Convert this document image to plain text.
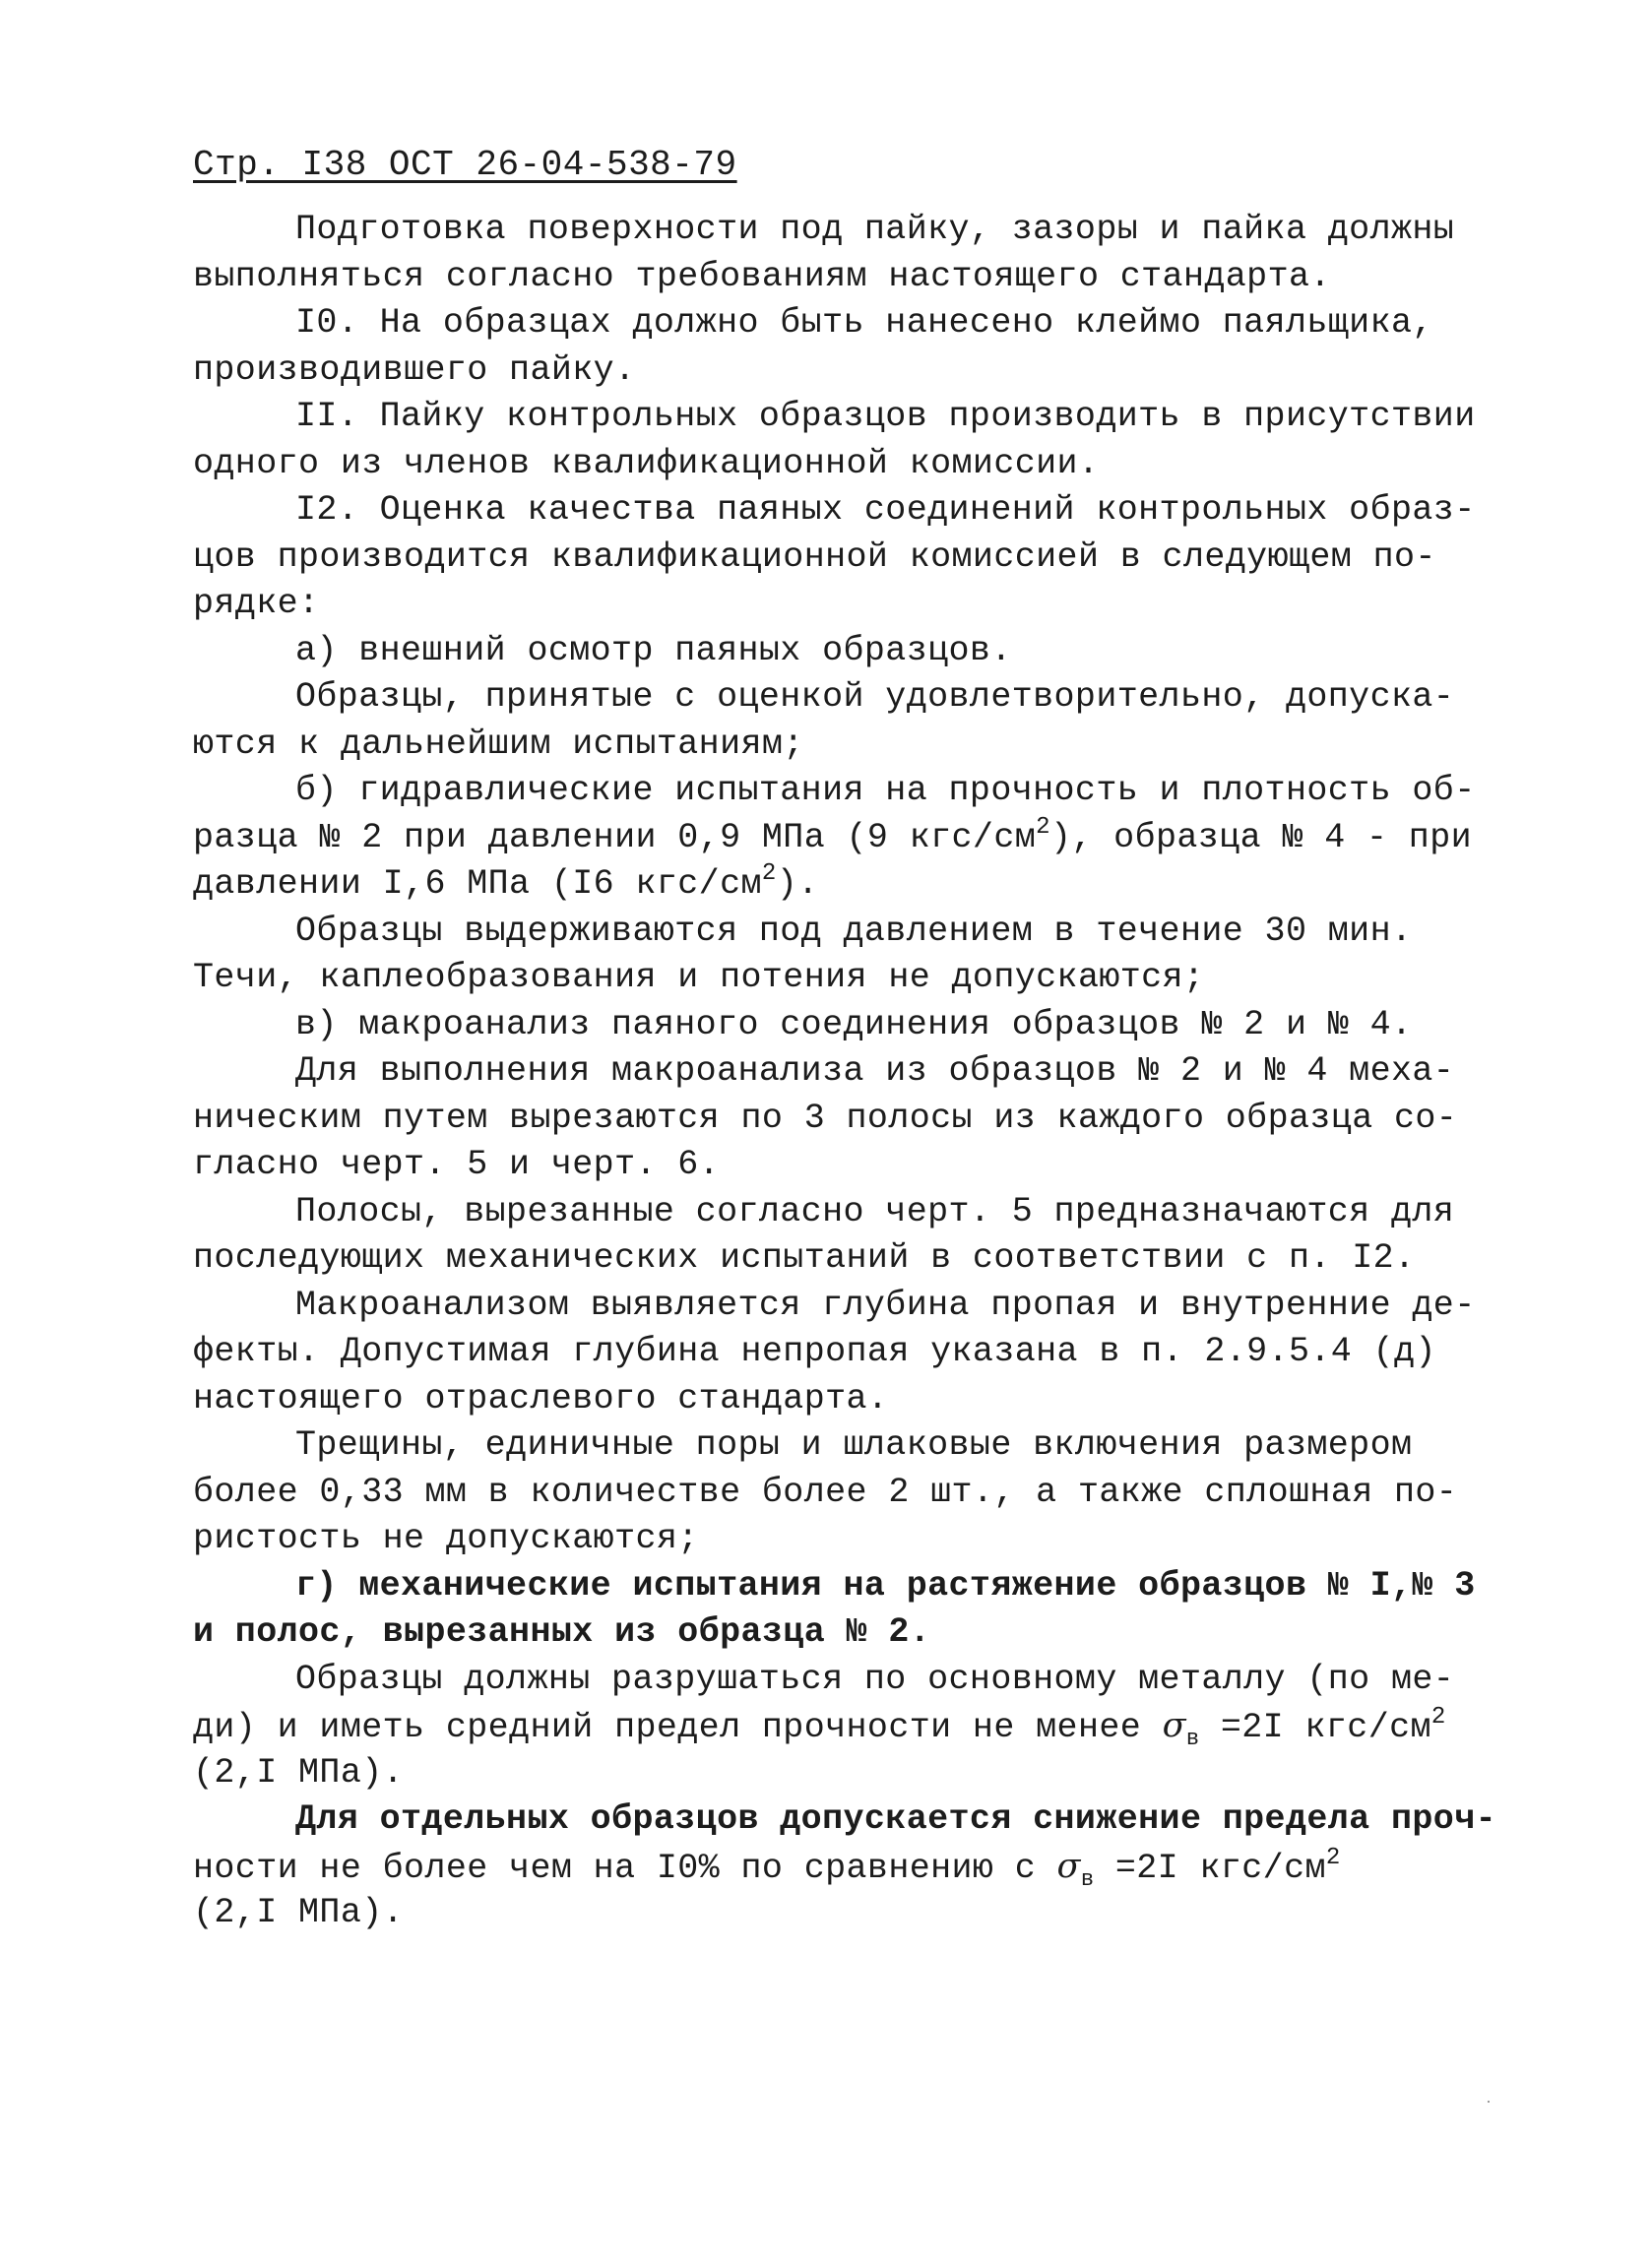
Стр. I38 ОСТ 26-04-538-79
Подготовка поверхности под пайку, зазоры и пайка должны
выполняться согласно требованиям настоящего стандарта.
I0. На образцах должно быть нанесено клеймо паяльщика,
производившего пайку.
II. Пайку контрольных образцов производить в присутствии
одного из членов квалификационной комиссии.
I2. Оценка качества паяных соединений контрольных образ-
цов производится квалификационной комиссией в следующем по-
рядке:
а) внешний осмотр паяных образцов.
Образцы, принятые с оценкой удовлетворительно, допуска-
ются к дальнейшим испытаниям;
б) гидравлические испытания на прочность и плотность об-
разца № 2 при давлении 0,9 МПа (9 кгс/$см^2$), образца № 4 - при
давлении I,6 МПа (I6 кгс/$см^2$).
Образцы выдерживаются под давлением в течение 30 мин.
Течи, каплеобразования и потения не допускаются;
в) макроанализ паяного соединения образцов № 2 и № 4.
Для выполнения макроанализа из образцов № 2 и № 4 меха-
ническим путем вырезаются по 3 полосы из каждого образца со-
гласно черт. 5 и черт. 6.
Полосы, вырезанные согласно черт. 5 предназначаются для
последующих механических испытаний в соответствии с п. I2.
Макроанализом выявляется глубина пропая и внутренние де-
фекты. Допустимая глубина непропая указана в п. 2.9.5.4 (д)
настоящего отраслевого стандарта.
Трещины, единичные поры и шлаковые включения размером
более 0,33 мм в количестве более 2 шт., а также сплошная по-
ристость не допускаются;
г) механические испытания на растяжение образцов № I,№ 3
и полос, вырезанных из образца № 2.
Образцы должны разрушаться по основному металлу (по ме-
ди) и иметь средний предел прочности не менее $\sigma_в =2I$ кгс/$см^2$
(2,I МПа).
Для отдельных образцов допускается снижение предела проч-
ности не более чем на I0% по сравнению с $\sigma_в =2I$ кгс/$см^2$
(2,I МПа).
